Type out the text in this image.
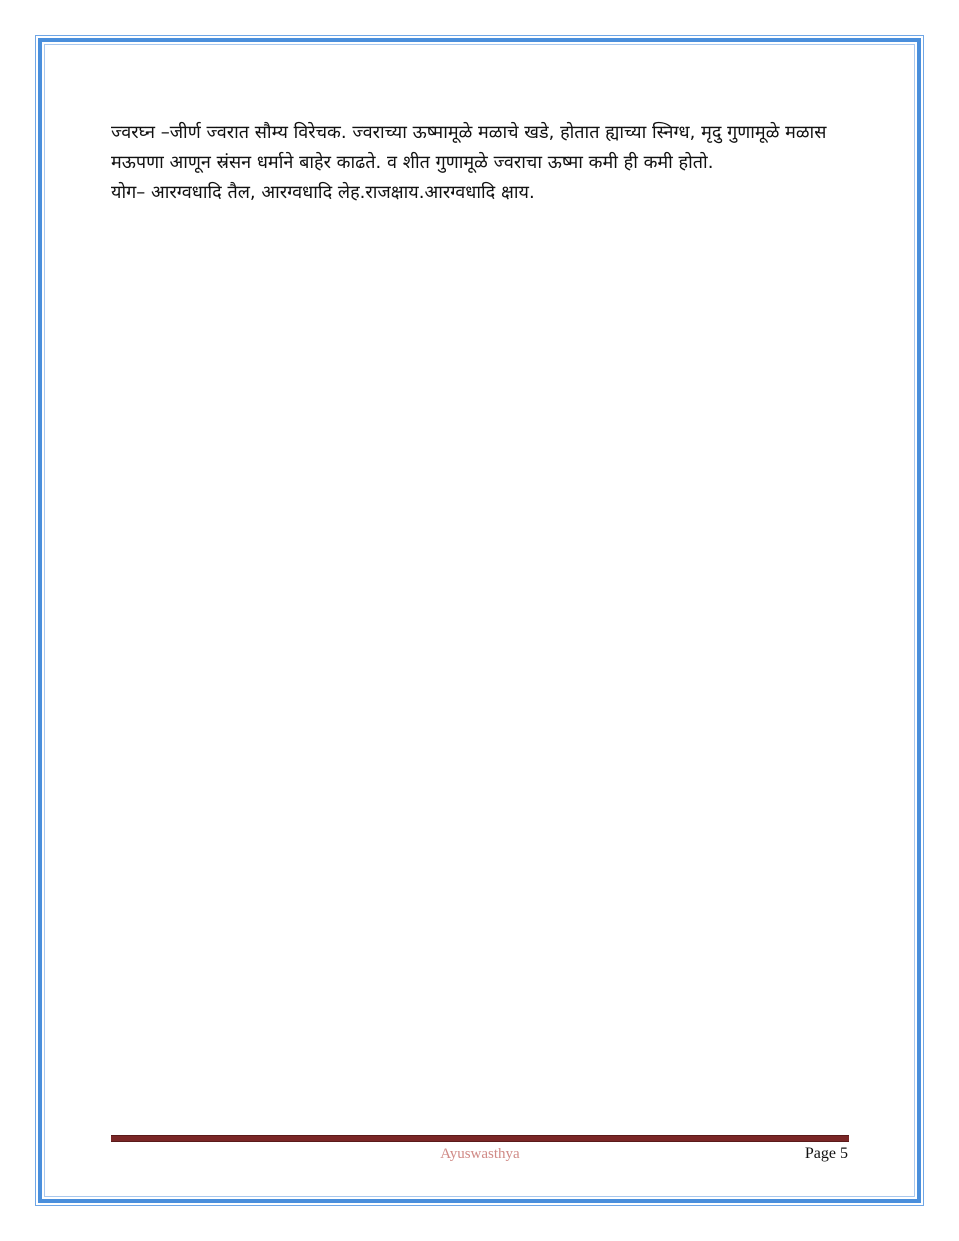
ज्वरघ्न –जीर्ण ज्वरात सौम्य विरेचक. ज्वराच्या ऊष्मामूळे मळाचे खडे, होतात ह्याच्या स्निग्ध, मृदु गुणामूळे मळास मऊपणा आणून स्रंसन धर्माने बाहेर काढते. व शीत गुणामूळे ज्वराचा ऊष्मा कमी ही कमी होतो.

योग– आरग्वधादि तैल, आरग्वधादि लेह.राजक्षाय.आरग्वधादि क्षाय.

Ayuswasthya	Page 5
